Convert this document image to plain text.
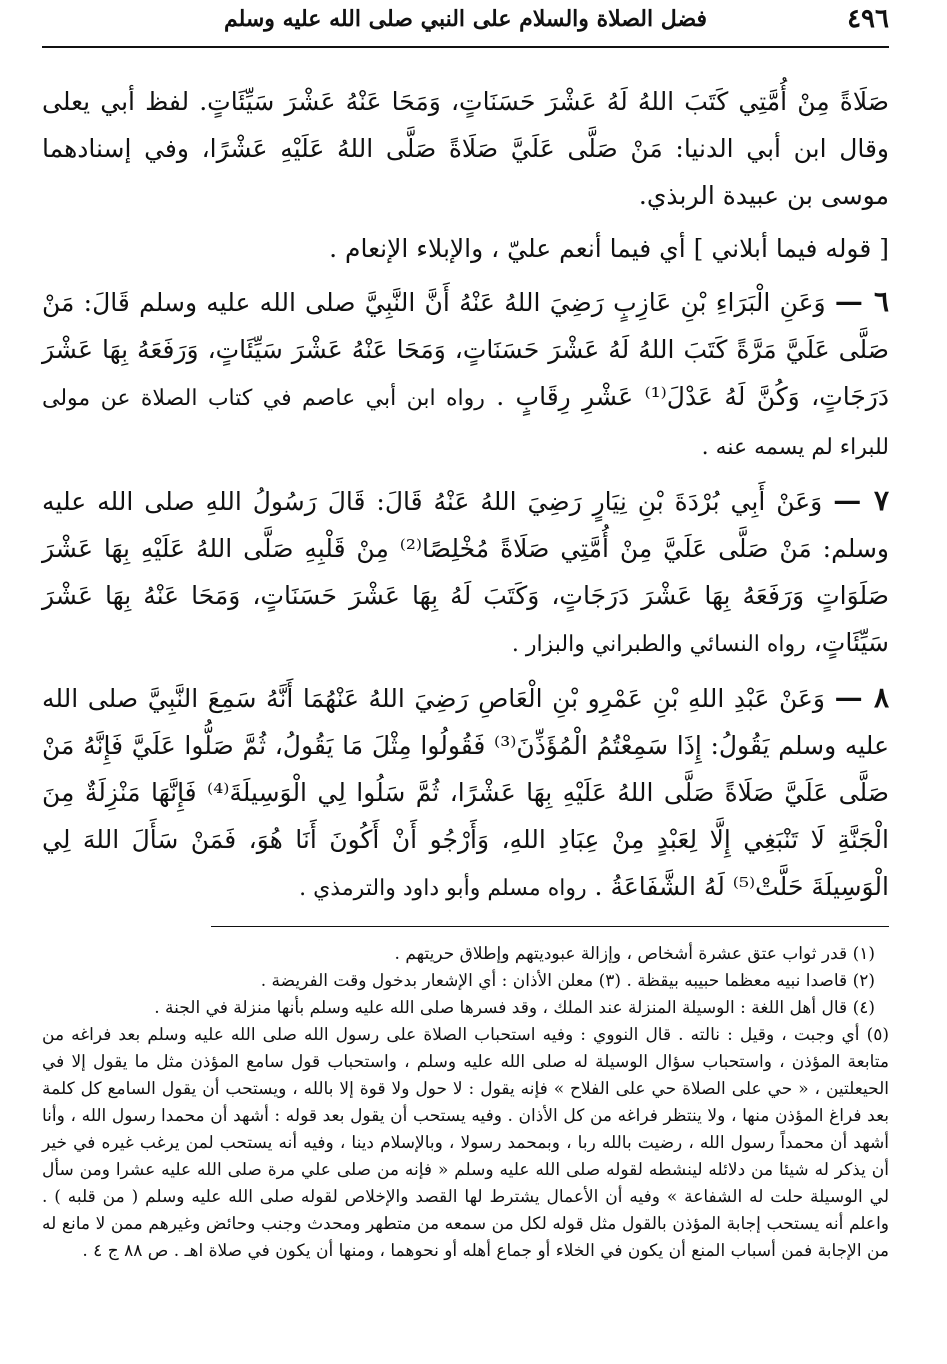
٤٩٦
فضل الصلاة والسلام على النبي صلى الله عليه وسلم

صَلَاةً مِنْ أُمَّتِي كَتَبَ اللهُ لَهُ عَشْرَ حَسَنَاتٍ، وَمَحَا عَنْهُ عَشْرَ سَيِّئَاتٍ. لفظ أبي يعلى وقال ابن أبي الدنيا: مَنْ صَلَّى عَلَيَّ صَلَاةً صَلَّى اللهُ عَلَيْهِ عَشْرًا، وفي إسنادهما موسى بن عبيدة الربذي.

[ قوله فيما أبلاني ] أي فيما أنعم عليّ ، والإبلاء الإنعام .

٦ — وَعَنِ الْبَرَاءِ بْنِ عَازِبٍ رَضِيَ اللهُ عَنْهُ أَنَّ النَّبِيَّ صلى الله عليه وسلم قَالَ: مَنْ صَلَّى عَلَيَّ مَرَّةً كَتَبَ اللهُ لَهُ عَشْرَ حَسَنَاتٍ، وَمَحَا عَنْهُ عَشْرَ سَيِّئَاتٍ، وَرَفَعَهُ بِهَا عَشْرَ دَرَجَاتٍ، وَكُنَّ لَهُ عَدْلَ⁽¹⁾ عَشْرِ رِقَابٍ . رواه ابن أبي عاصم في كتاب الصلاة عن مولى للبراء لم يسمه عنه .

٧ — وَعَنْ أَبِي بُرْدَةَ بْنِ نِيَارٍ رَضِيَ اللهُ عَنْهُ قَالَ: قَالَ رَسُولُ اللهِ صلى الله عليه وسلم: مَنْ صَلَّى عَلَيَّ مِنْ أُمَّتِي صَلَاةً مُخْلِصًا⁽²⁾ مِنْ قَلْبِهِ صَلَّى اللهُ عَلَيْهِ بِهَا عَشْرَ صَلَوَاتٍ وَرَفَعَهُ بِهَا عَشْرَ دَرَجَاتٍ، وَكَتَبَ لَهُ بِهَا عَشْرَ حَسَنَاتٍ، وَمَحَا عَنْهُ بِهَا عَشْرَ سَيِّئَاتٍ، رواه النسائي والطبراني والبزار .

٨ — وَعَنْ عَبْدِ اللهِ بْنِ عَمْرِو بْنِ الْعَاصِ رَضِيَ اللهُ عَنْهُمَا أَنَّهُ سَمِعَ النَّبِيَّ صلى الله عليه وسلم يَقُولُ: إِذَا سَمِعْتُمُ الْمُؤَذِّنَ⁽³⁾ فَقُولُوا مِثْلَ مَا يَقُولُ، ثُمَّ صَلُّوا عَلَيَّ فَإِنَّهُ مَنْ صَلَّى عَلَيَّ صَلَاةً صَلَّى اللهُ عَلَيْهِ بِهَا عَشْرًا، ثُمَّ سَلُوا لِي الْوَسِيلَةَ⁽⁴⁾ فَإِنَّهَا مَنْزِلَةٌ مِنَ الْجَنَّةِ لَا تَنْبَغِي إِلَّا لِعَبْدٍ مِنْ عِبَادِ اللهِ، وَأَرْجُو أَنْ أَكُونَ أَنَا هُوَ، فَمَنْ سَأَلَ اللهَ لِي الْوَسِيلَةَ حَلَّتْ⁽⁵⁾ لَهُ الشَّفَاعَةُ . رواه مسلم وأبو داود والترمذي .

(١) قدر ثواب عتق عشرة أشخاص ، وإزالة عبوديتهم وإطلاق حريتهم .

(٢) قاصدا نبيه معظما حبيبه بيقظة . (٣) معلن الأذان : أي الإشعار بدخول وقت الفريضة .

(٤) قال أهل اللغة : الوسيلة المنزلة عند الملك ، وقد فسرها صلى الله عليه وسلم بأنها منزلة في الجنة .

(٥) أي وجبت ، وقيل : نالته . قال النووي : وفيه استحباب الصلاة على رسول الله صلى الله عليه وسلم بعد فراغه من متابعة المؤذن ، واستحباب سؤال الوسيلة له صلى الله عليه وسلم ، واستحباب قول سامع المؤذن مثل ما يقول إلا في الحيعلتين ، « حي على الصلاة حي على الفلاح » فإنه يقول : لا حول ولا قوة إلا بالله ، ويستحب أن يقول السامع كل كلمة بعد فراغ المؤذن منها ، ولا ينتظر فراغه من كل الأذان . وفيه يستحب أن يقول بعد قوله : أشهد أن محمدا رسول الله ، وأنا أشهد أن محمداً رسول الله ، رضيت بالله ربا ، وبمحمد رسولا ، وبالإسلام دينا ، وفيه أنه يستحب لمن يرغب غيره في خير أن يذكر له شيئا من دلائله لينشطه لقوله صلى الله عليه وسلم « فإنه من صلى علي مرة صلى الله عليه عشرا ومن سأل لي الوسيلة حلت له الشفاعة » وفيه أن الأعمال يشترط لها القصد والإخلاص لقوله صلى الله عليه وسلم ( من قلبه ) . واعلم أنه يستحب إجابة المؤذن بالقول مثل قوله لكل من سمعه من متطهر ومحدث وجنب وحائض وغيرهم ممن لا مانع له من الإجابة فمن أسباب المنع أن يكون في الخلاء أو جماع أهله أو نحوهما ، ومنها أن يكون في صلاة اهـ . ص ٨٨ ج ٤ .
